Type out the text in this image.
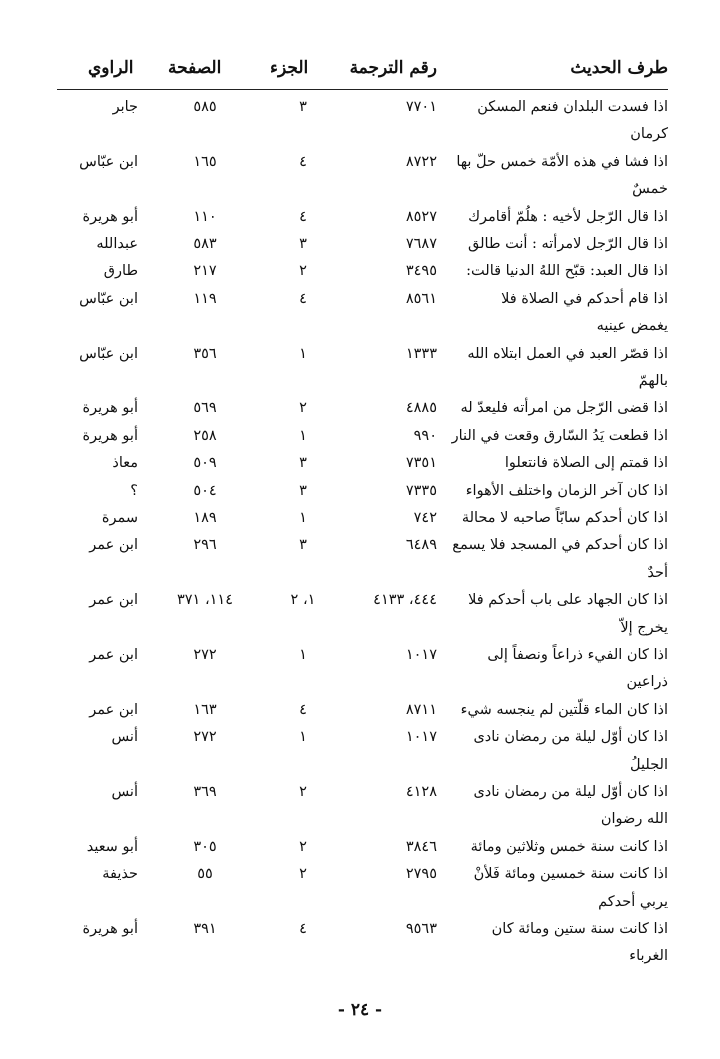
طرف الحديث
رقم الترجمة
الجزء
الصفحة
الراوي
اذا فسدت البلدان فنعم المسكن
٧٧٠١
٣
٥٨٥
جابر
كرمان
اذا فشا في هذه الأمّة خمس حلّ بها
٨٧٢٢
٤
١٦٥
ابن عبّاس
خمسٌ
اذا قال الرّجل لأخيه : هلُمّ أقامرك
٨٥٢٧
٤
١١٠
أبو هريرة
اذا قال الرّجل لامرأته : أنت طالق
٧٦٨٧
٣
٥٨٣
عبدالله
اذا قال العبد: قبّح اللهُ الدنيا قالت:
٣٤٩٥
٢
٢١٧
طارق
اذا قام أحدكم في الصلاة فلا
٨٥٦١
٤
١١٩
ابن عبّاس
يغمض عينيه
اذا قصّر العبد في العمل ابتلاه الله
١٣٣٣
١
٣٥٦
ابن عبّاس
بالهمّ
اذا قضى الرّجل من امرأته فليعدّ له
٤٨٨٥
٢
٥٦٩
أبو هريرة
اذا قطعت يَدُ السّارق وقعت في النار
٩٩٠
١
٢٥٨
أبو هريرة
اذا قمتم إلى الصلاة فانتعلوا
٧٣٥١
٣
٥٠٩
معاذ
اذا كان آخر الزمان واختلف الأهواء
٧٣٣٥
٣
٥٠٤
؟
اذا كان أحدكم سابّاً صاحبه لا محالة
٧٤٢
١
١٨٩
سمرة
اذا كان أحدكم في المسجد فلا يسمع
٦٤٨٩
٣
٢٩٦
ابن عمر
أحدٌ
اذا كان الجهاد على باب أحدكم فلا
٤٤٤، ٤١٣٣
١، ٢
١١٤، ٣٧١
ابن عمر
يخرج إلاّ
اذا كان الفيء ذراعاً ونصفاً إلى
١٠١٧
١
٢٧٢
ابن عمر
ذراعين
اذا كان الماء قلّتين لم ينجسه شيء
٨٧١١
٤
١٦٣
ابن عمر
اذا كان أوّل ليلة من رمضان نادى
١٠١٧
١
٢٧٢
أنس
الجليلُ
اذا كان أوّل ليلة من رمضان نادى
٤١٢٨
٢
٣٦٩
أنس
الله رضوان
اذا كانت سنة خمس وثلاثين ومائة
٣٨٤٦
٢
٣٠٥
أبو سعيد
اذا كانت سنة خمسين ومائة فَلأنْ
٢٧٩٥
٢
٥٥
حذيفة
يربي أحدكم
اذا كانت سنة ستين ومائة كان
٩٥٦٣
٤
٣٩١
أبو هريرة
الغرباء
- ٢٤ -
